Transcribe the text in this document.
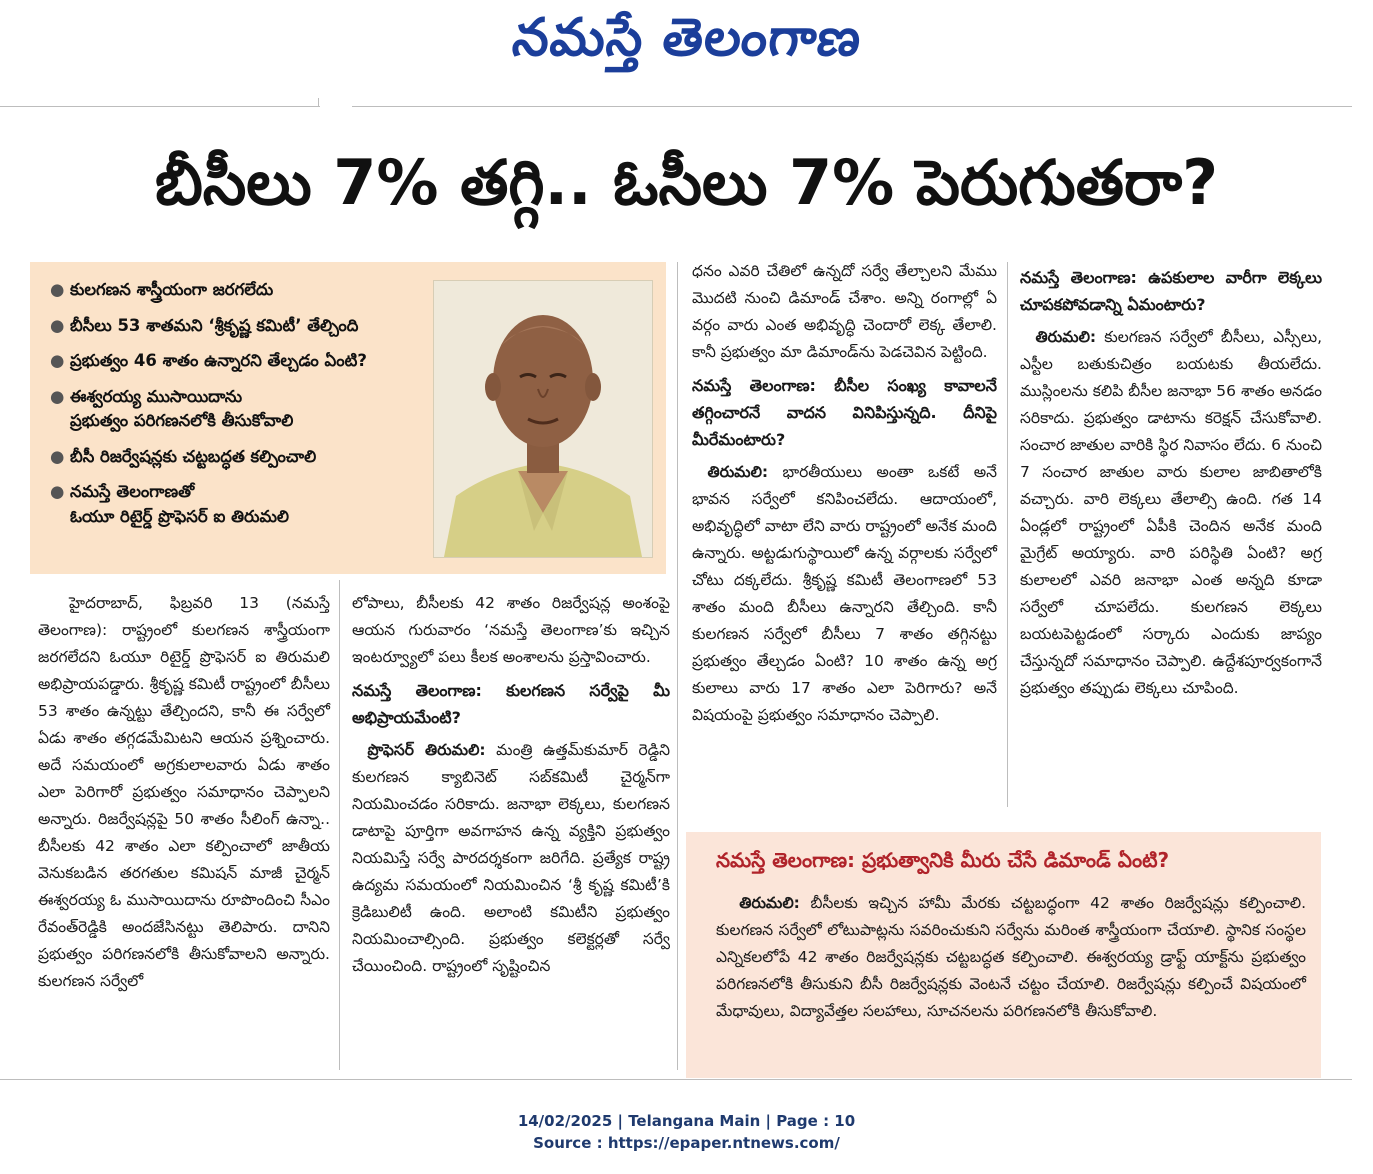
నమస్తే తెలంగాణ
బీసీలు 7% తగ్గి.. ఓసీలు 7% పెరుగుతరా?
● కులగణన శాస్త్రీయంగా జరగలేదు
● బీసీలు 53 శాతమని ‘శ్రీకృష్ణ కమిటీ’ తేల్చింది
● ప్రభుత్వం 46 శాతం ఉన్నారని తేల్చడం ఏంటి?
● ఈశ్వరయ్య ముసాయిదాను
ప్రభుత్వం పరిగణనలోకి తీసుకోవాలి
● బీసీ రిజర్వేషన్లకు చట్టబద్ధత కల్పించాలి
● నమస్తే తెలంగాణతో
ఓయూ రిటైర్డ్ ప్రొఫెసర్ ఐ తిరుమలి

హైదరాబాద్, ఫిబ్రవరి 13 (నమస్తే తెలంగాణ): రాష్ట్రంలో కులగణన శాస్త్రీయంగా జరగలేదని ఓయూ రిటైర్డ్ ప్రొఫెసర్ ఐ తిరుమలి అభిప్రాయపడ్డారు. శ్రీకృష్ణ కమిటీ రాష్ట్రంలో బీసీలు 53 శాతం ఉన్నట్టు తేల్చిందని, కానీ ఈ సర్వేలో ఏడు శాతం తగ్గడమేమిటని ఆయన ప్రశ్నించారు. అదే సమయంలో అగ్రకులాలవారు ఏడు శాతం ఎలా పెరిగారో ప్రభుత్వం సమాధానం చెప్పాలని అన్నారు. రిజర్వేషన్లపై 50 శాతం సీలింగ్ ఉన్నా.. బీసీలకు 42 శాతం ఎలా కల్పించాలో జాతీయ వెనుకబడిన తరగతుల కమిషన్ మాజీ చైర్మన్ ఈశ్వరయ్య ఓ ముసాయిదాను రూపొందించి సీఎం రేవంత్‌రెడ్డికి అందజేసినట్టు తెలిపారు. దానిని ప్రభుత్వం పరిగణనలోకి తీసుకోవాలని అన్నారు. కులగణన సర్వేలో

లోపాలు, బీసీలకు 42 శాతం రిజర్వేషన్ల అంశంపై ఆయన గురువారం ‘నమస్తే తెలంగాణ’కు ఇచ్చిన ఇంటర్వ్యూలో పలు కీలక అంశాలను ప్రస్తావించారు.

నమస్తే తెలంగాణ: కులగణన సర్వేపై మీ అభిప్రాయమేంటి?

ప్రొఫెసర్ తిరుమలి: మంత్రి ఉత్తమ్‌కుమార్ రెడ్డిని కులగణన క్యాబినెట్ సబ్‌కమిటీ చైర్మన్‌గా నియమించడం సరికాదు. జనాభా లెక్కలు, కులగణన డాటాపై పూర్తిగా అవగాహన ఉన్న వ్యక్తిని ప్రభుత్వం నియమిస్తే సర్వే పారదర్శకంగా జరిగేది. ప్రత్యేక రాష్ట్ర ఉద్యమ సమయంలో నియమించిన ‘శ్రీ కృష్ణ కమిటీ’కి క్రెడిబులిటీ ఉంది. అలాంటి కమిటీని ప్రభుత్వం నియమించాల్సింది. ప్రభుత్వం కలెక్టర్లతో సర్వే చేయించింది. రాష్ట్రంలో సృష్టించిన

ధనం ఎవరి చేతిలో ఉన్నదో సర్వే తేల్చాలని మేము మొదటి నుంచి డిమాండ్ చేశాం. అన్ని రంగాల్లో ఏ వర్గం వారు ఎంత అభివృద్ధి చెందారో లెక్క తేలాలి. కానీ ప్రభుత్వం మా డిమాండ్‌ను పెడచెవిన పెట్టింది.

నమస్తే తెలంగాణ: బీసీల సంఖ్య కావాలనే తగ్గించారనే వాదన వినిపిస్తున్నది. దీనిపై మీరేమంటారు?

తిరుమలి: భారతీయులు అంతా ఒకటే అనే భావన సర్వేలో కనిపించలేదు. ఆదాయంలో, అభివృద్ధిలో వాటా లేని వారు రాష్ట్రంలో అనేక మంది ఉన్నారు. అట్టడుగుస్థాయిలో ఉన్న వర్గాలకు సర్వేలో చోటు దక్కలేదు. శ్రీకృష్ణ కమిటీ తెలంగాణలో 53 శాతం మంది బీసీలు ఉన్నారని తేల్చింది. కానీ కులగణన సర్వేలో బీసీలు 7 శాతం తగ్గినట్టు ప్రభుత్వం తేల్చడం ఏంటి? 10 శాతం ఉన్న అగ్ర కులాలు వారు 17 శాతం ఎలా పెరిగారు? అనే విషయంపై ప్రభుత్వం సమాధానం చెప్పాలి.

నమస్తే తెలంగాణ: ఉపకులాల వారీగా లెక్కలు చూపకపోవడాన్ని ఏమంటారు?

తిరుమలి: కులగణన సర్వేలో బీసీలు, ఎస్సీలు, ఎస్టీల బతుకుచిత్రం బయటకు తీయలేదు. ముస్లింలను కలిపి బీసీల జనాభా 56 శాతం అనడం సరికాదు. ప్రభుత్వం డాటాను కరెక్షన్ చేసుకోవాలి. సంచార జాతుల వారికి స్థిర నివాసం లేదు. 6 నుంచి 7 సంచార జాతుల వారు కులాల జాబితాలోకి వచ్చారు. వారి లెక్కలు తేలాల్సి ఉంది. గత 14 ఏండ్లలో రాష్ట్రంలో ఏపీకి చెందిన అనేక మంది మైగ్రేట్ అయ్యారు. వారి పరిస్థితి ఏంటి? అగ్ర కులాలలో ఎవరి జనాభా ఎంత అన్నది కూడా సర్వేలో చూపలేదు. కులగణన లెక్కలు బయటపెట్టడంలో సర్కారు ఎందుకు జాప్యం చేస్తున్నదో సమాధానం చెప్పాలి. ఉద్దేశపూర్వకంగానే ప్రభుత్వం తప్పుడు లెక్కలు చూపింది.

నమస్తే తెలంగాణ: ప్రభుత్వానికి మీరు చేసే డిమాండ్ ఏంటి?

తిరుమలి: బీసీలకు ఇచ్చిన హామీ మేరకు చట్టబద్ధంగా 42 శాతం రిజర్వేషన్లు కల్పించాలి. కులగణన సర్వేలో లోటుపాట్లను సవరించుకుని సర్వేను మరింత శాస్త్రీయంగా చేయాలి. స్థానిక సంస్థల ఎన్నికలలోపే 42 శాతం రిజర్వేషన్లకు చట్టబద్ధత కల్పించాలి. ఈశ్వరయ్య డ్రాఫ్ట్ యాక్ట్‌ను ప్రభుత్వం పరిగణనలోకి తీసుకుని బీసీ రిజర్వేషన్లకు వెంటనే చట్టం చేయాలి. రిజర్వేషన్లు కల్పించే విషయంలో మేధావులు, విద్యావేత్తల సలహాలు, సూచనలను పరిగణనలోకి తీసుకోవాలి.

14/02/2025 | Telangana Main | Page : 10
Source : https://epaper.ntnews.com/
